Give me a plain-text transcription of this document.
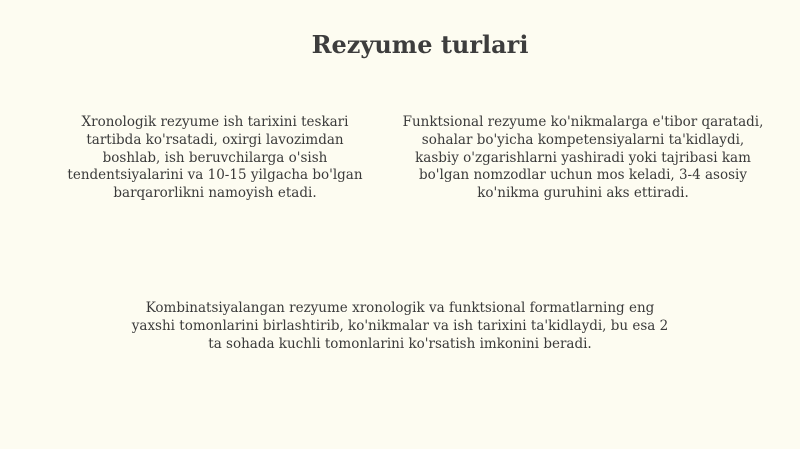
Rezyume turlari

Xronologik rezyume ish tarixini teskari tartibda ko'rsatadi, oxirgi lavozimdan boshlab, ish beruvchilarga o'sish tendentsiyalarini va 10-15 yilgacha bo'lgan barqarorlikni namoyish etadi.

Funktsional rezyume ko'nikmalarga e'tibor qaratadi, sohalar bo'yicha kompetensiyalarni ta'kidlaydi, kasbiy o'zgarishlarni yashiradi yoki tajribasi kam bo'lgan nomzodlar uchun mos keladi, 3-4 asosiy ko'nikma guruhini aks ettiradi.

Kombinatsiyalangan rezyume xronologik va funktsional formatlarning eng yaxshi tomonlarini birlashtirib, ko'nikmalar va ish tarixini ta'kidlaydi, bu esa 2 ta sohada kuchli tomonlarini ko'rsatish imkonini beradi.
